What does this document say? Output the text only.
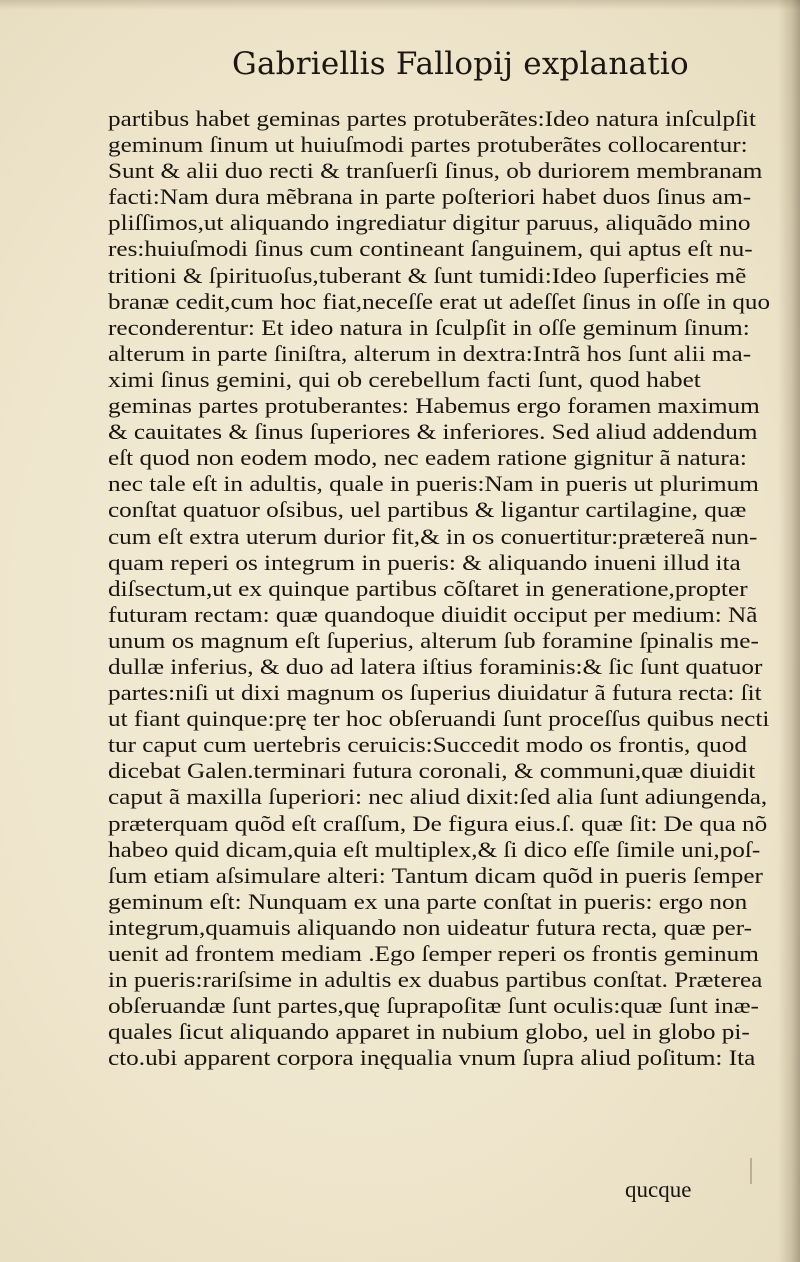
Gabriellis Fallopij explanatio
partibus habet geminas partes protuberãtes:Ideo natura inſculpſit
geminum ſinum ut huiuſmodi partes protuberãtes collocarentur:
Sunt & alii duo recti & tranſuerſi ſinus, ob duriorem membranam
facti:Nam dura mẽbrana in parte poſteriori habet duos ſinus am-
pliſſimos,ut aliquando ingrediatur digitur paruus, aliquãdo mino
res:huiuſmodi ſinus cum contineant ſanguinem, qui aptus eſt nu-
tritioni & ſpirituoſus,tuberant & ſunt tumidi:Ideo ſuperficies mẽ
branæ cedit,cum hoc fiat,neceſſe erat ut adeſſet ſinus in oſſe in quo
reconderentur: Et ideo natura in ſculpſit in oſſe geminum ſinum:
alterum in parte ſiniſtra, alterum in dextra:Intrã hos ſunt alii ma-
ximi ſinus gemini, qui ob cerebellum facti ſunt, quod habet
geminas partes protuberantes: Habemus ergo foramen maximum
& cauitates & ſinus ſuperiores & inferiores. Sed aliud addendum
eſt quod non eodem modo, nec eadem ratione gignitur ã natura:
nec tale eſt in adultis, quale in pueris:Nam in pueris ut plurimum
conſtat quatuor oſsibus, uel partibus & ligantur cartilagine, quæ
cum eſt extra uterum durior fit,& in os conuertitur:prætereã nun-
quam reperi os integrum in pueris: & aliquando inueni illud ita
diſsectum,ut ex quinque partibus cõſtaret in generatione,propter
futuram rectam: quæ quandoque diuidit occiput per medium: Nã
unum os magnum eſt ſuperius, alterum ſub foramine ſpinalis me-
dullæ inferius, & duo ad latera iſtius foraminis:& ſic ſunt quatuor
partes:niſi ut dixi magnum os ſuperius diuidatur ã futura recta: ſit
ut fiant quinque:prę ter hoc obſeruandi ſunt proceſſus quibus necti
tur caput cum uertebris ceruicis:Succedit modo os frontis, quod
dicebat Galen.terminari futura coronali, & communi,quæ diuidit
caput ã maxilla ſuperiori: nec aliud dixit:ſed alia ſunt adiungenda,
præterquam quõd eſt craſſum, De figura eius.ſ. quæ ſit: De qua nõ
habeo quid dicam,quia eſt multiplex,& ſi dico eſſe ſimile uni,poſ-
ſum etiam aſsimulare alteri: Tantum dicam quõd in pueris ſemper
geminum eſt: Nunquam ex una parte conſtat in pueris: ergo non
integrum,quamuis aliquando non uideatur futura recta, quæ per-
uenit ad frontem mediam .Ego ſemper reperi os frontis geminum
in pueris:rariſsime in adultis ex duabus partibus conſtat. Præterea
obſeruandæ ſunt partes,quę ſuprapoſitæ ſunt oculis:quæ ſunt inæ-
quales ſicut aliquando apparet in nubium globo, uel in globo pi-
cto.ubi apparent corpora inęqualia vnum ſupra aliud poſitum: Ita
qucque
